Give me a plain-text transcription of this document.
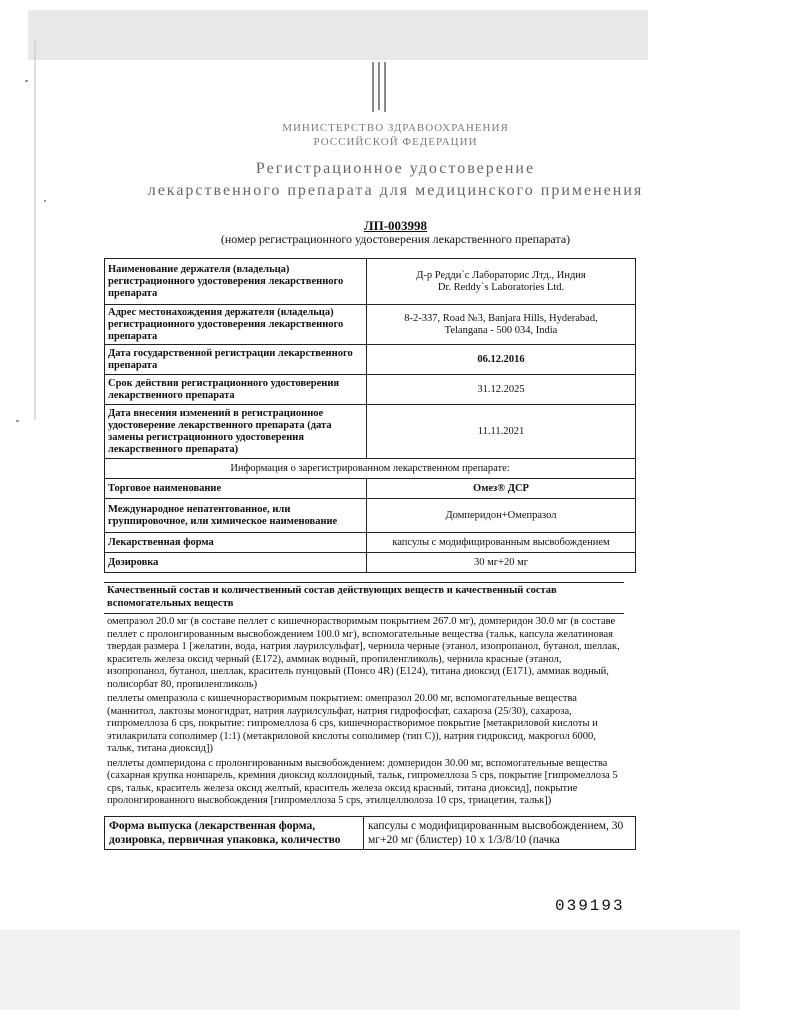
МИНИСТЕРСТВО ЗДРАВООХРАНЕНИЯ
РОССИЙСКОЙ ФЕДЕРАЦИИ
Регистрационное удостоверение
лекарственного препарата для медицинского применения
ЛП-003998
(номер регистрационного удостоверения лекарственного препарата)
Наименование держателя (владельца) регистрационного удостоверения лекарственного препарата	Д-р Редди`с Лабораторис Лтд., Индия
Dr. Reddy`s Laboratories Ltd.

Адрес местонахождения держателя (владельца) регистрационного удостоверения лекарственного препарата	8-2-337, Road №3, Banjara Hills, Hyderabad,
Telangana - 500 034, India

Дата государственной регистрации лекарственного препарата	06.12.2016
Срок действия регистрационного удостоверения лекарственного препарата	31.12.2025
Дата внесения изменений в регистрационное удостоверение лекарственного препарата (дата замены регистрационного удостоверения лекарственного препарата)	11.11.2021
Информация о зарегистрированном лекарственном препарате:	
Торговое наименование	Омез® ДСР
Международное непатентованное, или группировочное, или химическое наименование	Домперидон+Омепразол
Лекарственная форма	капсулы с модифицированным высвобождением
Дозировка	30 мг+20 мг
Качественный состав и количественный состав действующих веществ и качественный состав вспомогательных веществ

омепразол 20.0 мг (в составе пеллет с кишечнорастворимым покрытием 267.0 мг), домперидон 30.0 мг (в составе пеллет с пролонгированным высвобождением 100.0 мг), вспомогательные вещества (тальк, капсула желатиновая твердая размера 1 [желатин, вода, натрия лаурилсульфат], чернила черные (этанол, изопропанол, бутанол, шеллак, краситель железа оксид черный (Е172), аммиак водный, пропиленгликоль), чернила красные (этанол, изопропанол, бутанол, шеллак, краситель пунцовый (Понсо 4R) (Е124), титана диоксид (Е171), аммиак водный, полисорбат 80, пропиленгликоль)

пеллеты омепразола с кишечнорастворимым покрытием: омепразол 20.00 мг, вспомогательные вещества (маннитол, лактозы моногидрат, натрия лаурилсульфат, натрия гидрофосфат, сахароза (25/30), сахароза, гипромеллоза 6 cps, покрытие: гипромеллоза 6 cps, кишечнорастворимое покрытие [метакриловой кислоты и этилакрилата сополимер (1:1) (метакриловой кислоты сополимер (тип С)), натрия гидроксид, макрогол 6000, тальк, титана диоксид])

пеллеты домперидона с пролонгированным высвобождением: домперидон 30.00 мг, вспомогательные вещества (сахарная крупка нонпарель, кремния диоксид коллоидный, тальк, гипромеллоза 5 cps, покрытие [гипромеллоза 5 cps, тальк, краситель железа оксид желтый, краситель железа оксид красный, титана диоксид], покрытие пролонгированного высвобождения [гипромеллоза 5 cps, этилцеллюлоза 10 cps, триацетин, тальк])

Форма выпуска (лекарственная форма, дозировка, первичная упаковка, количество	капсулы с модифицированным высвобождением, 30 мг+20 мг (блистер) 10 x 1/3/8/10 (пачка
039193
